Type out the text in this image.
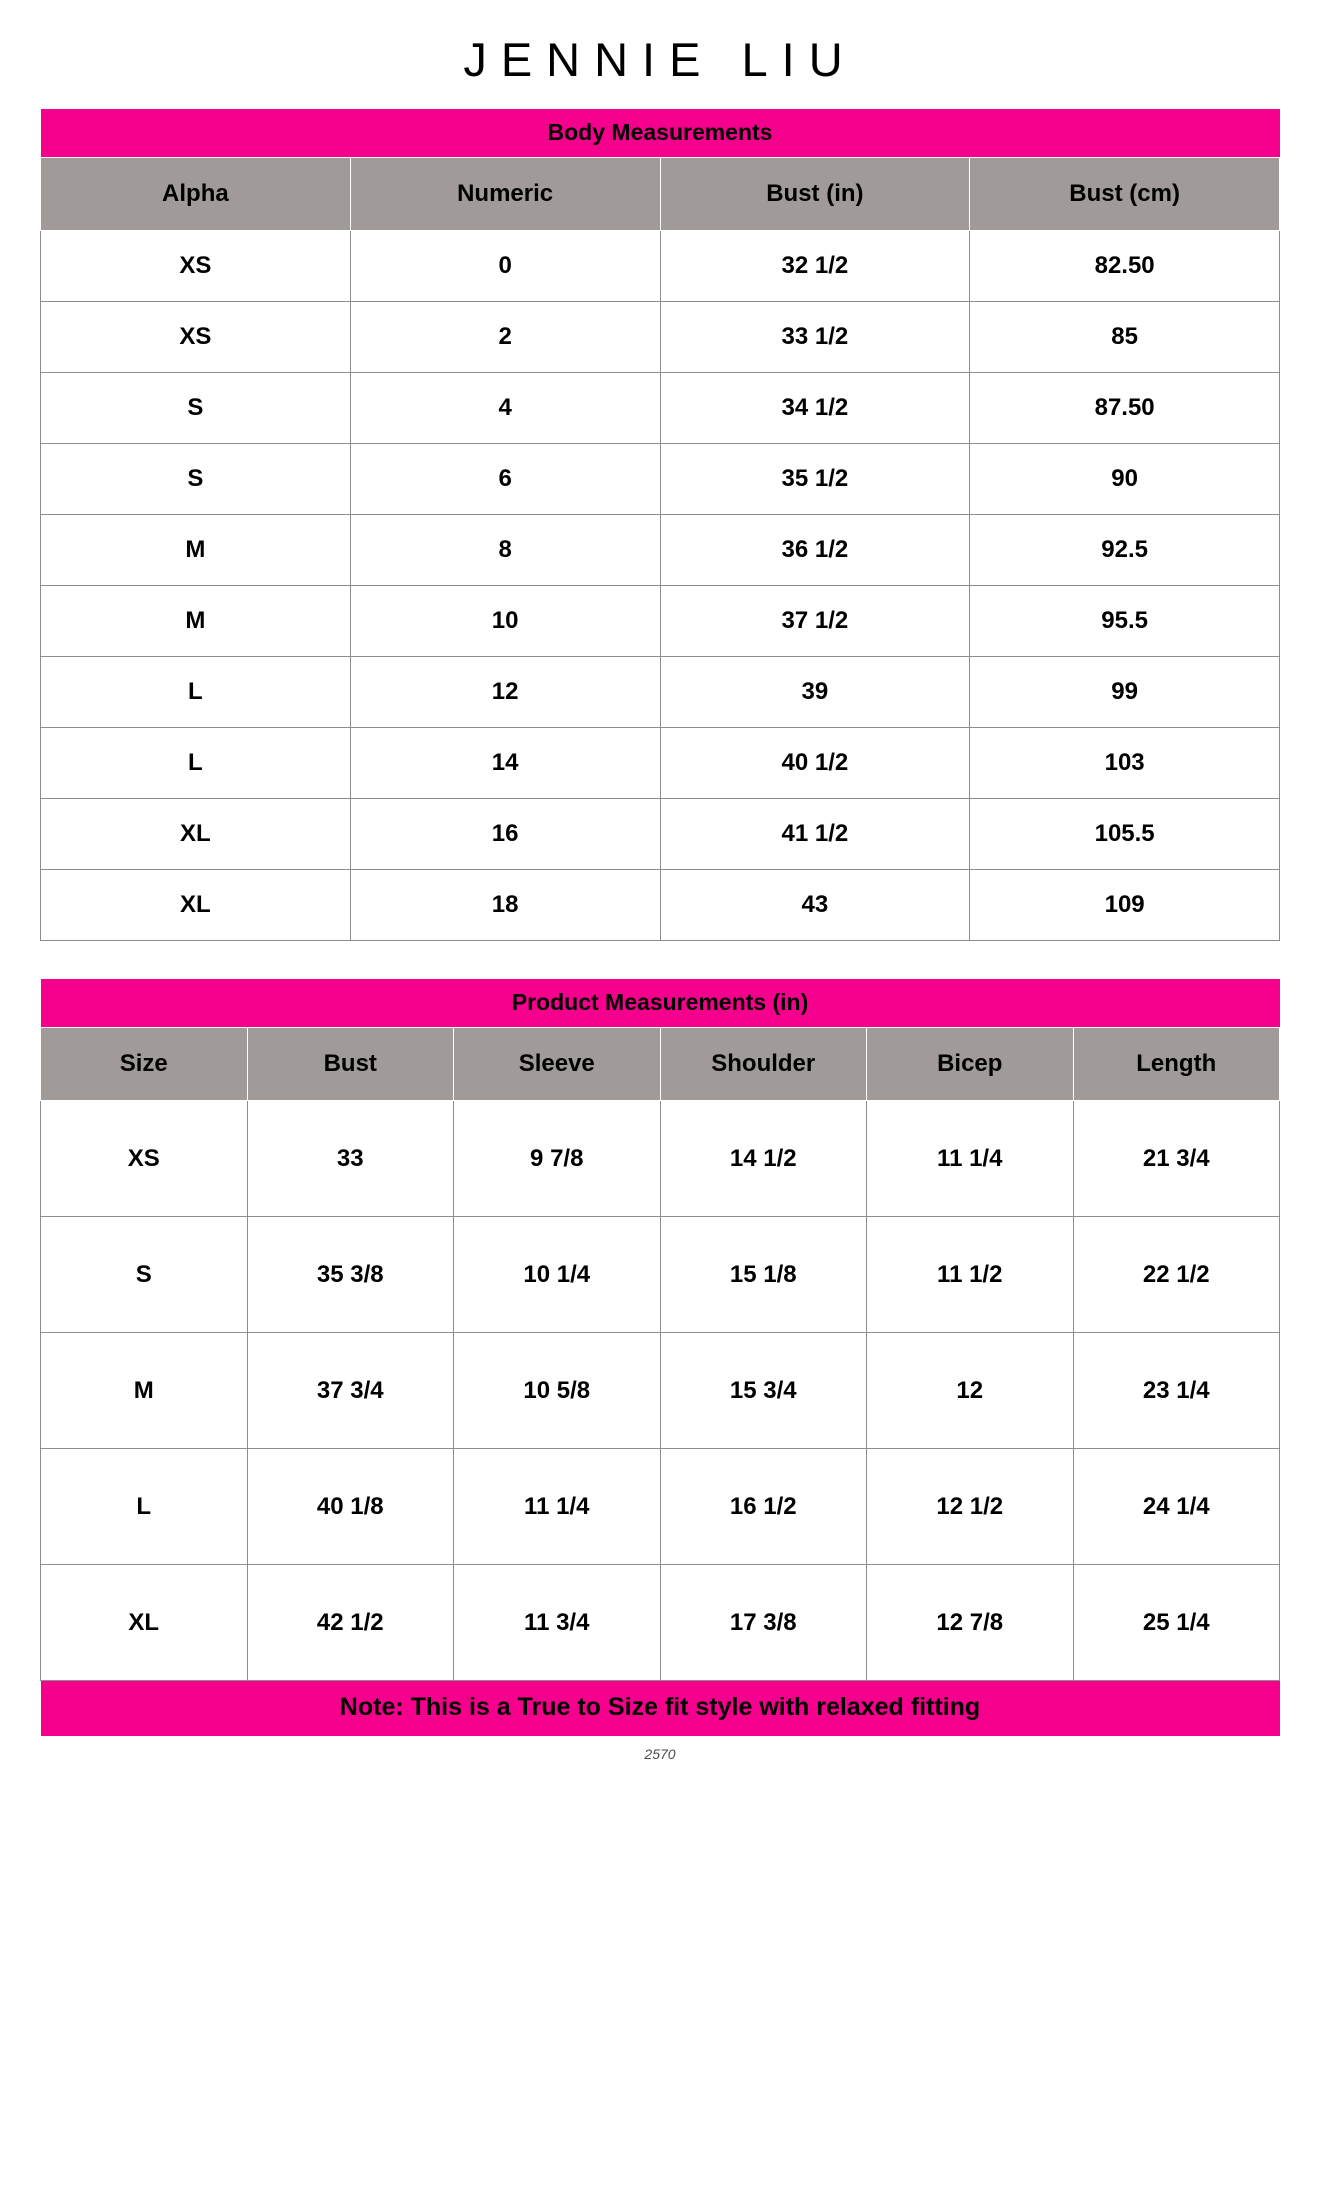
JENNIE LIU
Body Measurements			
Alpha	Numeric	Bust (in)	Bust (cm)
XS	0	32 1/2	82.50
XS	2	33 1/2	85
S	4	34 1/2	87.50
S	6	35 1/2	90
M	8	36 1/2	92.5
M	10	37 1/2	95.5
L	12	39	99
L	14	40 1/2	103
XL	16	41 1/2	105.5
XL	18	43	109
Product Measurements (in)					
Size	Bust	Sleeve	Shoulder	Bicep	Length
XS	33	9 7/8	14 1/2	11 1/4	21 3/4
S	35 3/8	10 1/4	15 1/8	11 1/2	22 1/2
M	37 3/4	10 5/8	15 3/4	12	23 1/4
L	40 1/8	11 1/4	16 1/2	12 1/2	24 1/4
XL	42 1/2	11 3/4	17 3/8	12 7/8	25 1/4
Note: This is a True to Size fit style with relaxed fitting					
2570
